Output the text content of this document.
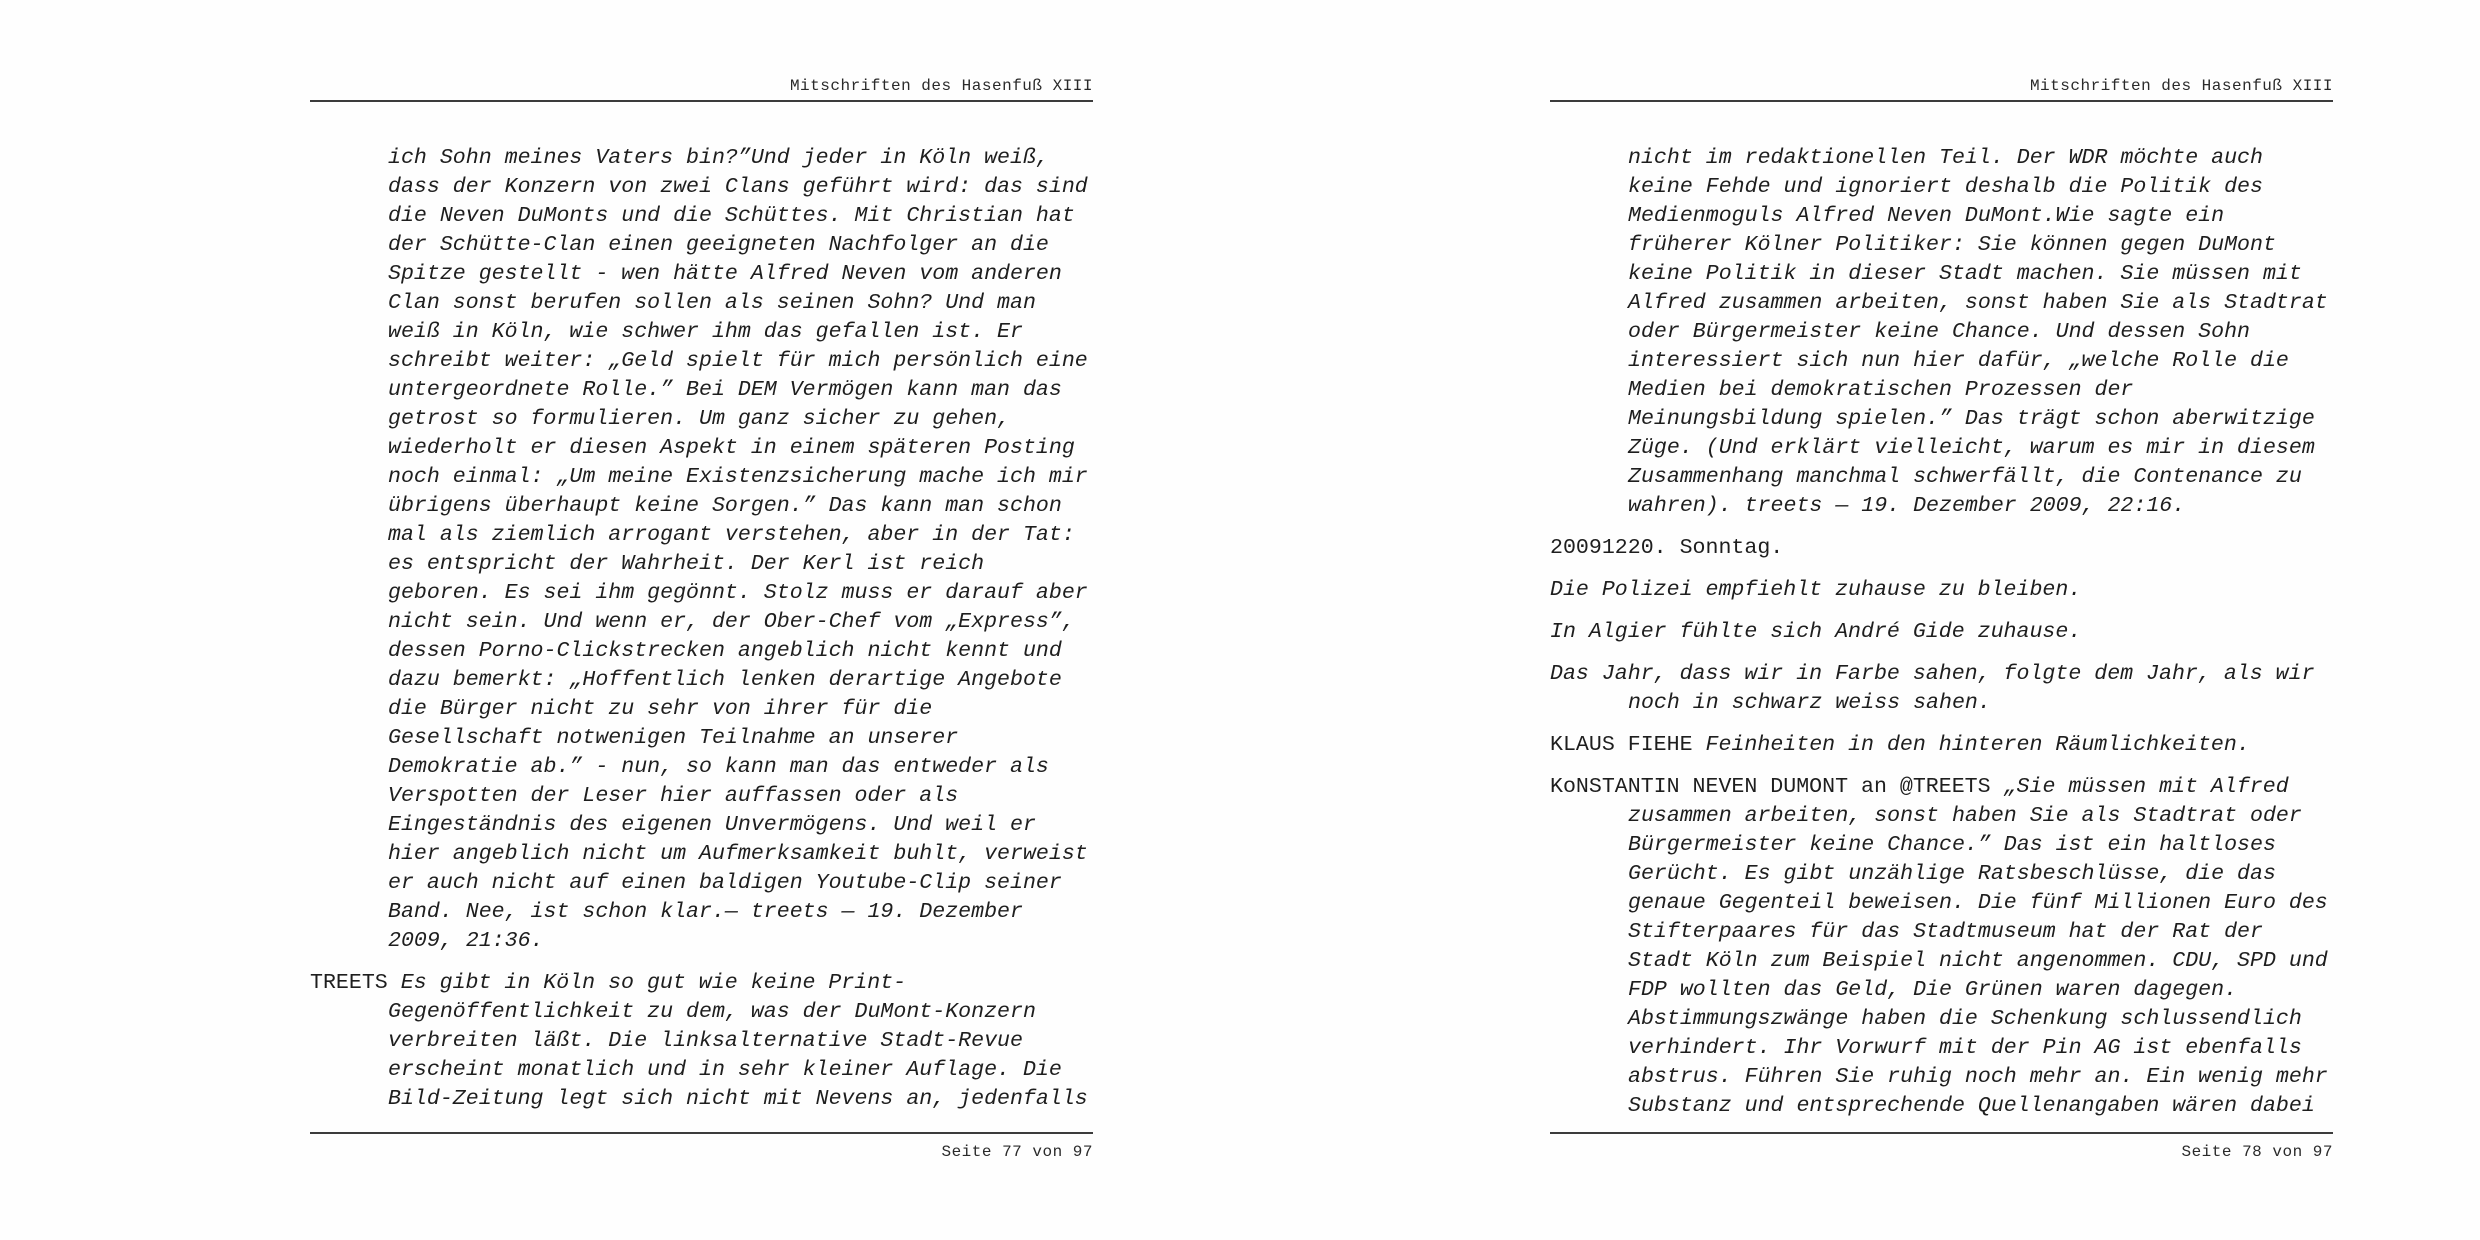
Mitschriften des Hasenfuß XIII

ich Sohn meines Vaters bin?”Und jeder in Köln weiß, dass der Konzern von zwei Clans geführt wird: das sind die Neven DuMonts und die Schüttes. Mit Christian hat der Schütte-Clan einen geeigneten Nachfolger an die Spitze gestellt - wen hätte Alfred Neven vom anderen Clan sonst berufen sollen als seinen Sohn? Und man weiß in Köln, wie schwer ihm das gefallen ist. Er schreibt weiter: „Geld spielt für mich persönlich eine untergeordnete Rolle.” Bei DEM Vermögen kann man das getrost so formulieren. Um ganz sicher zu gehen, wiederholt er diesen Aspekt in einem späteren Posting noch einmal: „Um meine Existenzsicherung mache ich mir übrigens überhaupt keine Sorgen.” Das kann man schon mal als ziemlich arrogant verstehen, aber in der Tat: es entspricht der Wahrheit. Der Kerl ist reich geboren. Es sei ihm gegönnt. Stolz muss er darauf aber nicht sein. Und wenn er, der Ober-Chef vom „Express”, dessen Porno-Clickstrecken angeblich nicht kennt und dazu bemerkt: „Hoffentlich lenken derartige Angebote die Bürger nicht zu sehr von ihrer für die Gesellschaft notwenigen Teilnahme an unserer Demokratie ab.” - nun, so kann man das entweder als Verspotten der Leser hier auffassen oder als Eingeständnis des eigenen Unvermögens. Und weil er hier angeblich nicht um Aufmerksamkeit buhlt, verweist er auch nicht auf einen baldigen Youtube-Clip seiner Band. Nee, ist schon klar.— treets — 19. Dezember 2009, 21:36.

TREETS Es gibt in Köln so gut wie keine Print-Gegenöffentlichkeit zu dem, was der DuMont-Konzern verbreiten läßt. Die linksalternative Stadt-Revue erscheint monatlich und in sehr kleiner Auflage. Die Bild-Zeitung legt sich nicht mit Nevens an, jedenfalls

Seite 77 von 97
Mitschriften des Hasenfuß XIII

nicht im redaktionellen Teil. Der WDR möchte auch keine Fehde und ignoriert deshalb die Politik des Medienmoguls Alfred Neven DuMont.Wie sagte ein früherer Kölner Politiker: Sie können gegen DuMont keine Politik in dieser Stadt machen. Sie müssen mit Alfred zusammen arbeiten, sonst haben Sie als Stadtrat oder Bürgermeister keine Chance. Und dessen Sohn interessiert sich nun hier dafür, „welche Rolle die Medien bei demokratischen Prozessen der Meinungsbildung spielen.” Das trägt schon aberwitzige Züge. (Und erklärt vielleicht, warum es mir in diesem Zusammenhang manchmal schwerfällt, die Contenance zu wahren). treets — 19. Dezember 2009, 22:16.

20091220. Sonntag.

Die Polizei empfiehlt zuhause zu bleiben.

In Algier fühlte sich André Gide zuhause.

Das Jahr, dass wir in Farbe sahen, folgte dem Jahr, als wir noch in schwarz weiss sahen.

KLAUS FIEHE Feinheiten in den hinteren Räumlichkeiten.

KoNSTANTIN NEVEN DUMONT an @TREETS „Sie müssen mit Alfred zusammen arbeiten, sonst haben Sie als Stadtrat oder Bürgermeister keine Chance.” Das ist ein haltloses Gerücht. Es gibt unzählige Ratsbeschlüsse, die das genaue Gegenteil beweisen. Die fünf Millionen Euro des Stifterpaares für das Stadtmuseum hat der Rat der Stadt Köln zum Beispiel nicht angenommen. CDU, SPD und FDP wollten das Geld, Die Grünen waren dagegen. Abstimmungszwänge haben die Schenkung schlussendlich verhindert. Ihr Vorwurf mit der Pin AG ist ebenfalls abstrus. Führen Sie ruhig noch mehr an. Ein wenig mehr Substanz und entsprechende Quellenangaben wären dabei

Seite 78 von 97
